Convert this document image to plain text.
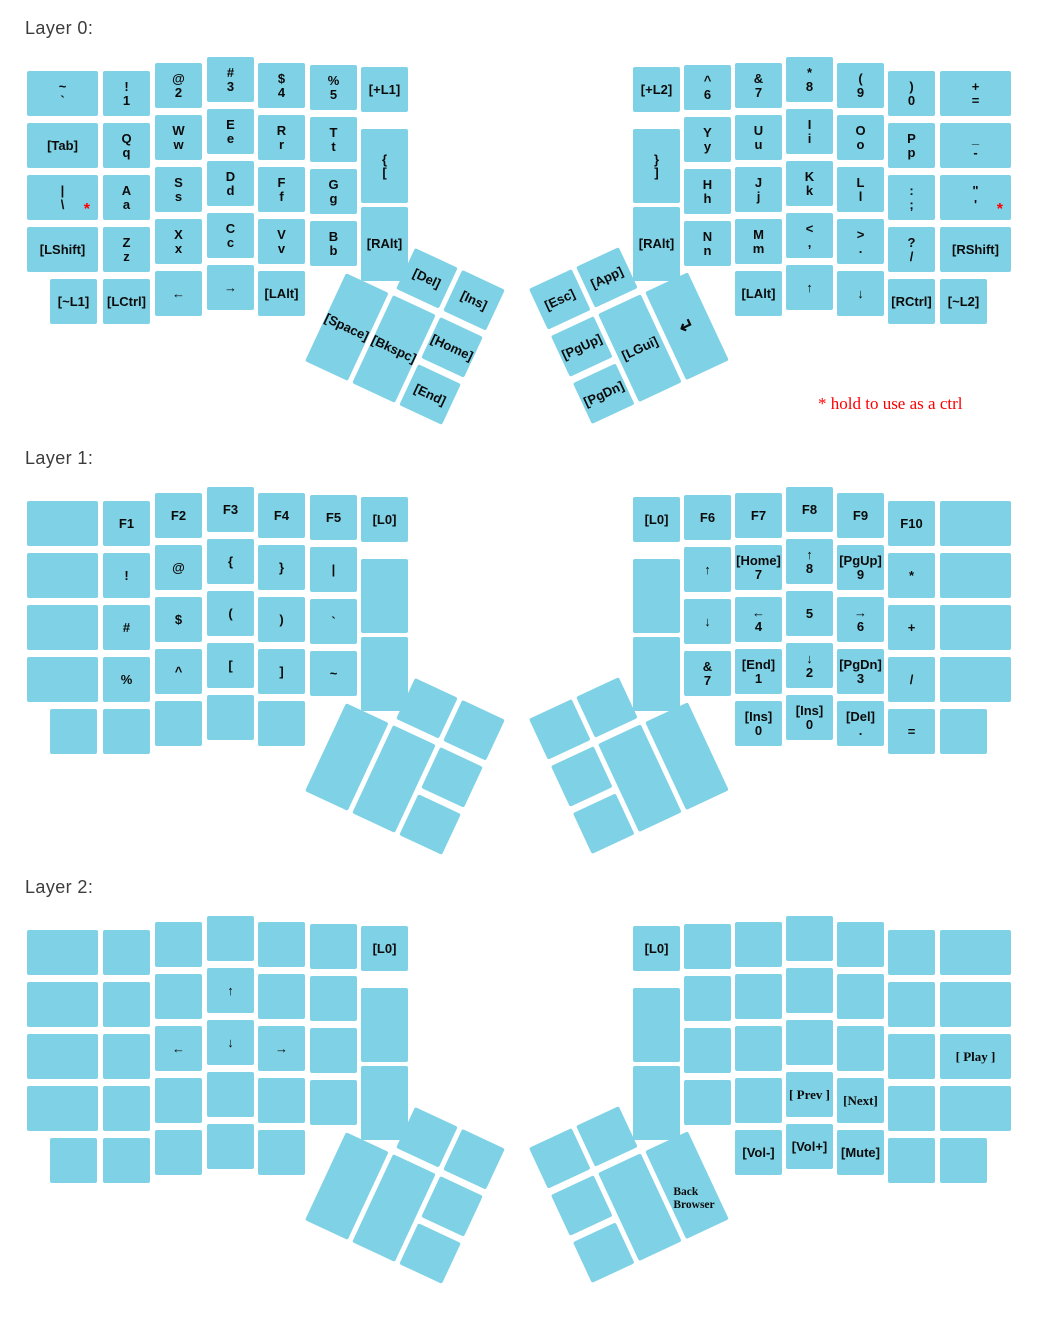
Layer 0:
Layer 1:
Layer 2:
* hold to use as a ctrl
~
`
!
1
@
2
#
3	$
4
%
5 [+L1]
[Tab]	Q
q
W
w
E
e	R
r
T
t
{
[
|
\ *
A
a
S
s
D
d	F
f
G
g
[LShift]	Z
z
X
x
C
c	V
v
B
b [RAlt]
[~L1] [LCtrl]
←	→ [LAlt]
[Del]
[Ins]
[Space]
[Bkspc] [Home]
[End]
[+L2]
^
6
&
7
*
8	(
9	)
0
+
=
}
]
Y
y
U
u
I
i	O
o	P
p
_
-
H
h
J
j
K
k	L
l	:
;
"
' *
[RAlt] N
n
M
m
<
,	>
.	?
/	[RShift]
[LAlt] ↑	↓
[RCtrl] [~L2]
[Esc]
[App]
[PgUp]
[PgDn]
[LGui]
↵
F1
F2	F3	F4	F5 [L0]
!
@	{	}	|
#
$	(	)	`
%
^	[	]	~
[L0] F6	F7	F8	F9
F10
↑
[Home]
7
↑
8 [PgUp]
9	*
↓
←
4
5	→
6	+
&
7
[End]
1
↓
2 [PgDn]
3	/
[Ins]
0
[Ins]
0	[Del]
.	=
[L0]
↑
←	↓	→
[L0]
[ Play ]
[ Prev ] [Next]
[Vol-] [Vol+] [Mute]
Back
Browser
